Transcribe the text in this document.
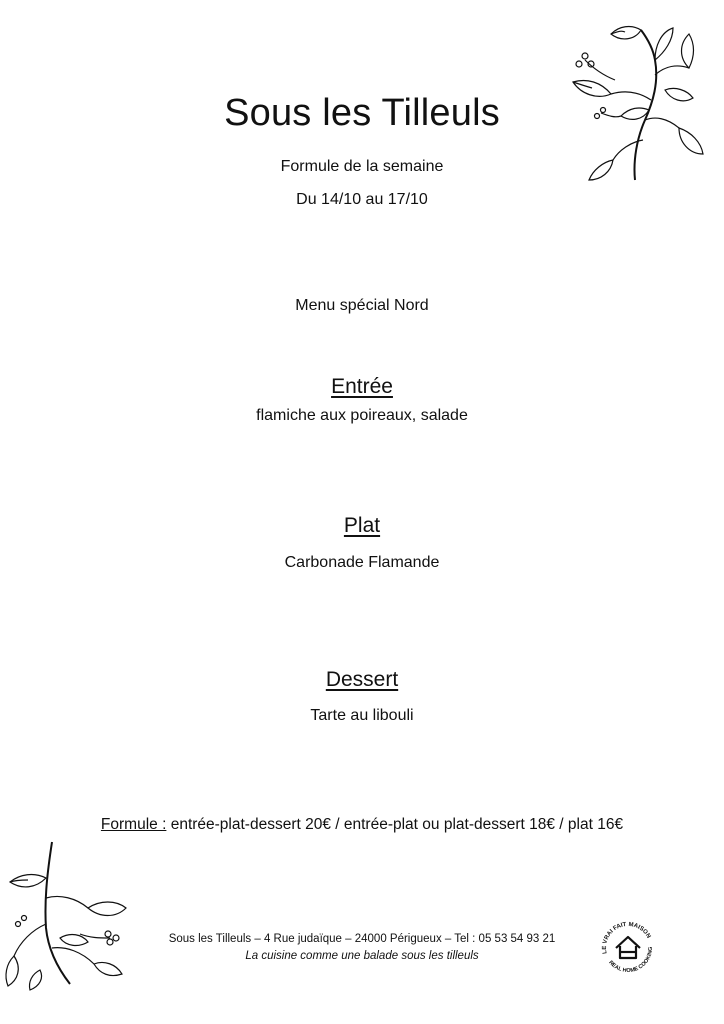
Sous les Tilleuls
Formule de la semaine
Du 14/10 au 17/10
Menu spécial Nord
Entrée
flamiche aux poireaux, salade
Plat
Carbonade Flamande
Dessert
Tarte au libouli
Formule : entrée-plat-dessert 20€ / entrée-plat ou plat-dessert 18€ / plat 16€
Sous les Tilleuls – 4 Rue judaïque – 24000 Périgueux – Tel : 05 53 54 93 21
La cuisine comme une balade sous les tilleuls	LE VRAI FAIT MAISON
REAL HOME COOKING
